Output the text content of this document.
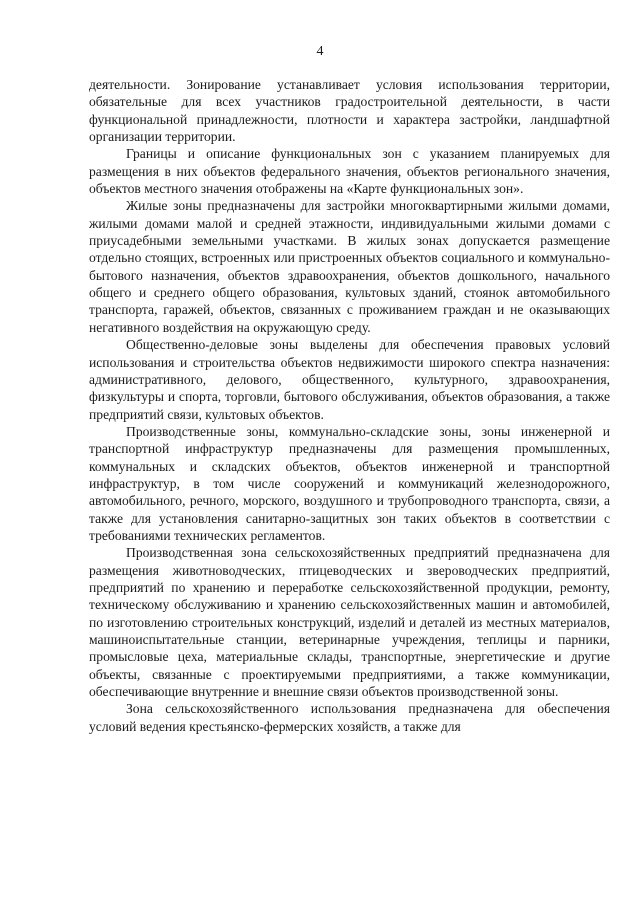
4

деятельности. Зонирование устанавливает условия использования территории, обязательные для всех участников градостроительной деятельности, в части функциональной принадлежности, плотности и характера застройки, ландшафтной организации территории.

Границы и описание функциональных зон с указанием планируемых для размещения в них объектов федерального значения, объектов регионального значения, объектов местного значения отображены на «Карте функциональных зон».

Жилые зоны предназначены для застройки многоквартирными жилыми домами, жилыми домами малой и средней этажности, индивидуальными жилыми домами с приусадебными земельными участками. В жилых зонах допускается размещение отдельно стоящих, встроенных или пристроенных объектов социального и коммунально-бытового назначения, объектов здравоохранения, объектов дошкольного, начального общего и среднего общего образования, культовых зданий, стоянок автомобильного транспорта, гаражей, объектов, связанных с проживанием граждан и не оказывающих негативного воздействия на окружающую среду.

Общественно-деловые зоны выделены для обеспечения правовых условий использования и строительства объектов недвижимости широкого спектра назначения: административного, делового, общественного, культурного, здравоохранения, физкультуры и спорта, торговли, бытового обслуживания, объектов образования, а также предприятий связи, культовых объектов.

Производственные зоны, коммунально-складские зоны, зоны инженерной и транспортной инфраструктур предназначены для размещения промышленных, коммунальных и складских объектов, объектов инженерной и транспортной инфраструктур, в том числе сооружений и коммуникаций железнодорожного, автомобильного, речного, морского, воздушного и трубопроводного транспорта, связи, а также для установления санитарно-защитных зон таких объектов в соответствии с требованиями технических регламентов.

Производственная зона сельскохозяйственных предприятий предназначена для размещения животноводческих, птицеводческих и звероводческих предприятий, предприятий по хранению и переработке сельскохозяйственной продукции, ремонту, техническому обслуживанию и хранению сельскохозяйственных машин и автомобилей, по изготовлению строительных конструкций, изделий и деталей из местных материалов, машиноиспытательные станции, ветеринарные учреждения, теплицы и парники, промысловые цеха, материальные склады, транспортные, энергетические и другие объекты, связанные с проектируемыми предприятиями, а также коммуникации, обеспечивающие внутренние и внешние связи объектов производственной зоны.

Зона сельскохозяйственного использования предназначена для обеспечения условий ведения крестьянско-фермерских хозяйств, а также для
